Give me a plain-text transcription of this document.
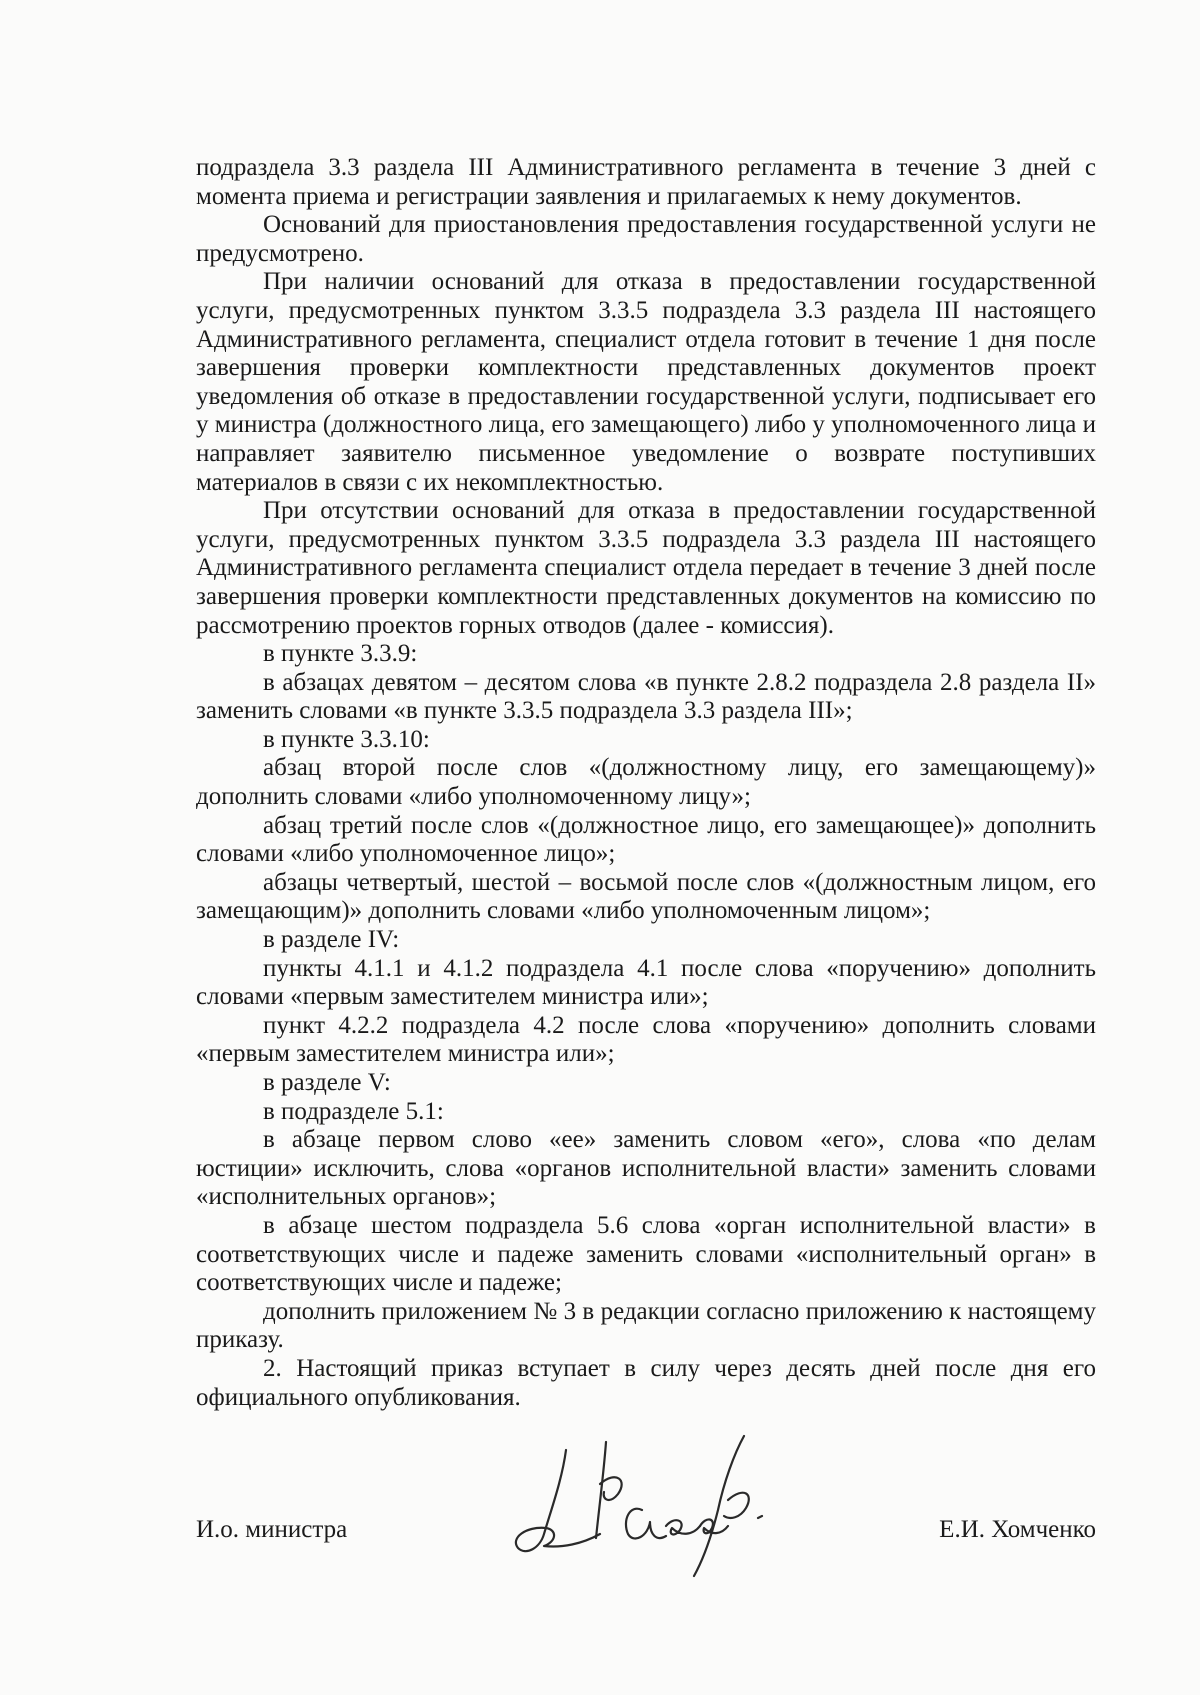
подраздела 3.3 раздела III Административного регламента в течение 3 дней с момента приема и регистрации заявления и прилагаемых к нему документов.

Оснований для приостановления предоставления государственной услуги не предусмотрено.

При наличии оснований для отказа в предоставлении государственной услуги, предусмотренных пунктом 3.3.5 подраздела 3.3 раздела III настоящего Административного регламента, специалист отдела готовит в течение 1 дня после завершения проверки комплектности представленных документов проект уведомления об отказе в предоставлении государственной услуги, подписывает его у министра (должностного лица, его замещающего) либо у уполномоченного лица и направляет заявителю письменное уведомление о возврате поступивших материалов в связи с их некомплектностью.

При отсутствии оснований для отказа в предоставлении государственной услуги, предусмотренных пунктом 3.3.5 подраздела 3.3 раздела III настоящего Административного регламента специалист отдела передает в течение 3 дней после завершения проверки комплектности представленных документов на комиссию по рассмотрению проектов горных отводов (далее - комиссия).

в пункте 3.3.9:

в абзацах девятом – десятом слова «в пункте 2.8.2 подраздела 2.8 раздела II» заменить словами «в пункте 3.3.5 подраздела 3.3 раздела III»;

в пункте 3.3.10:

абзац второй после слов «(должностному лицу, его замещающему)» дополнить словами «либо уполномоченному лицу»;

абзац третий после слов «(должностное лицо, его замещающее)» дополнить словами «либо уполномоченное лицо»;

абзацы четвертый, шестой – восьмой после слов «(должностным лицом, его замещающим)» дополнить словами «либо уполномоченным лицом»;

в разделе IV:

пункты 4.1.1 и 4.1.2 подраздела 4.1 после слова «поручению» дополнить словами «первым заместителем министра или»;

пункт 4.2.2 подраздела 4.2 после слова «поручению» дополнить словами «первым заместителем министра или»;

в разделе V:

в подразделе 5.1:

в абзаце первом слово «ее» заменить словом «его», слова «по делам юстиции» исключить, слова «органов исполнительной власти» заменить словами «исполнительных органов»;

в абзаце шестом подраздела 5.6 слова «орган исполнительной власти» в соответствующих числе и падеже заменить словами «исполнительный орган» в соответствующих числе и падеже;

дополнить приложением № 3 в редакции согласно приложению к настоящему приказу.

2. Настоящий приказ вступает в силу через десять дней после дня его официального опубликования.

И.о. министра	Е.И. Хомченко
